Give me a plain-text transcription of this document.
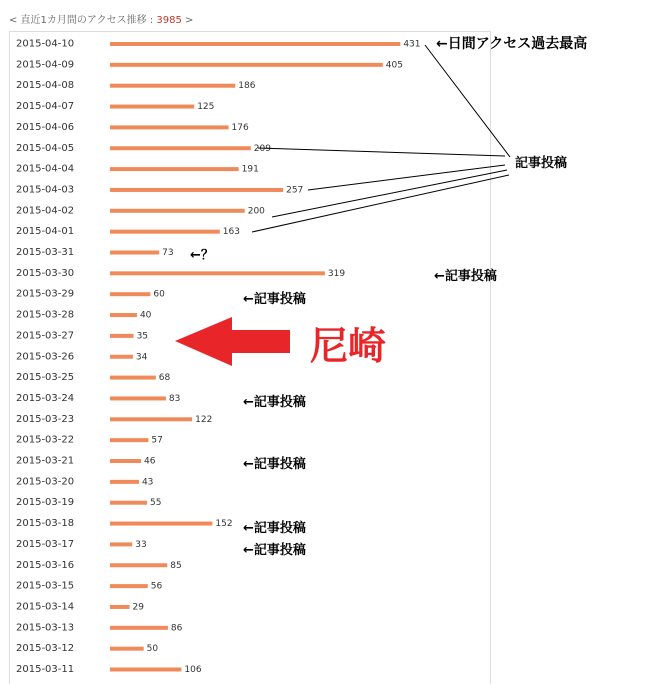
< 直近1カ月間のアクセス推移 : 3985 >
2015-04-10	431
2015-04-09	405
2015-04-08	186
2015-04-07	125
2015-04-06	176
2015-04-05	209
2015-04-04	191
2015-04-03	257
2015-04-02	200
2015-04-01	163
2015-03-31	73
2015-03-30	319
2015-03-29	60
2015-03-28	40
2015-03-27	35
2015-03-26	34
2015-03-25	68
2015-03-24	83
2015-03-23	122
2015-03-22	57
2015-03-21	46
2015-03-20	43
2015-03-19	55
2015-03-18	152
2015-03-17	33
2015-03-16	85
2015-03-15	56
2015-03-14	29
2015-03-13	86
2015-03-12	50
2015-03-11	106
←日間アクセス過去最高
記事投稿
←？
←記事投稿
←記事投稿
←記事投稿
←記事投稿
←記事投稿
←記事投稿
尼崎
